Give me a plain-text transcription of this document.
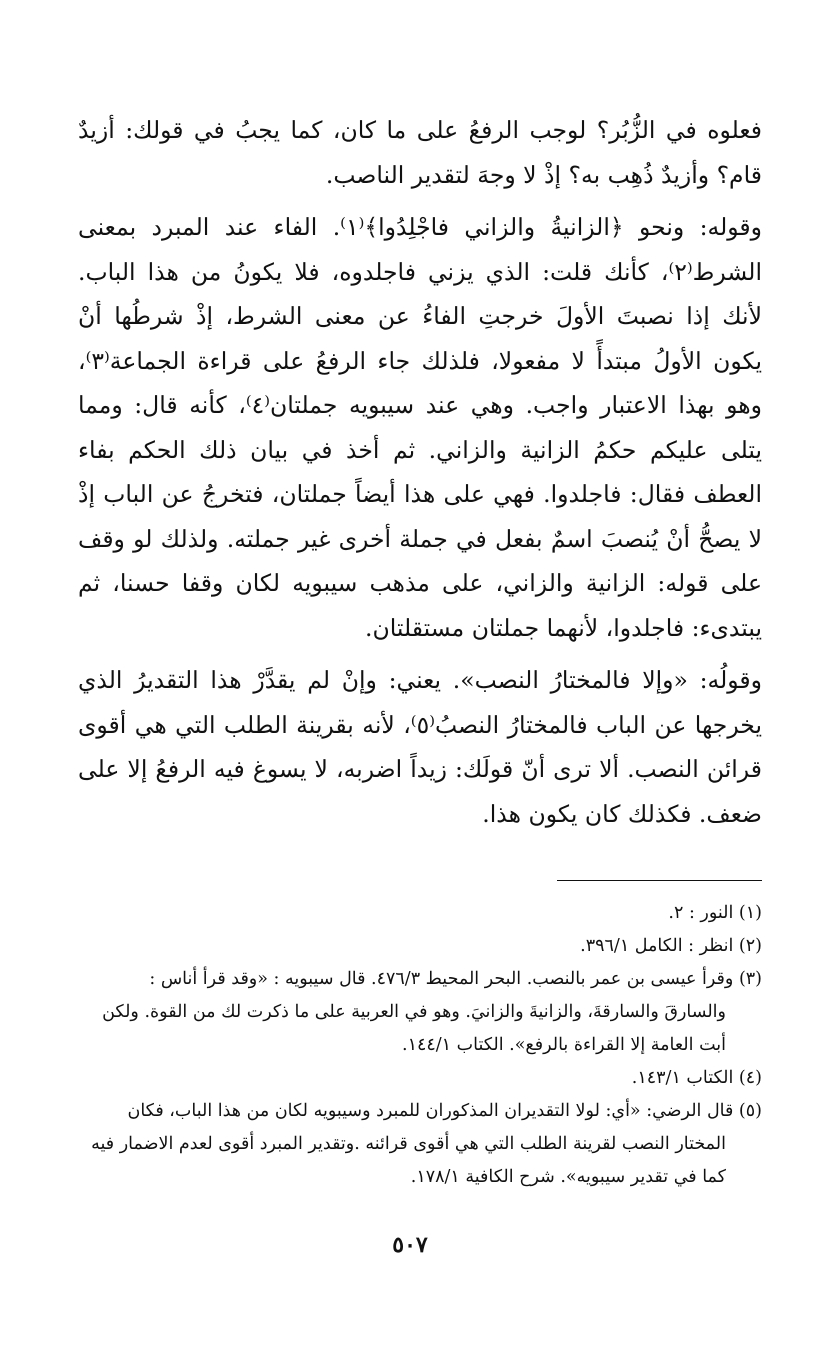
فعلوه في الزُّبُر؟ لوجب الرفعُ على ما كان، كما يجبُ في قولك: أزيدٌ قام؟ وأزيدٌ ذُهِب به؟ إذْ لا وجهَ لتقدير الناصب.

وقوله: ونحو ﴿الزانيةُ والزاني فاجْلِدُوا﴾⁽١⁾. الفاء عند المبرد بمعنى الشرط⁽٢⁾، كأنك قلت: الذي يزني فاجلدوه، فلا يكونُ من هذا الباب. لأنك إذا نصبتَ الأولَ خرجتِ الفاءُ عن معنى الشرط، إذْ شرطُها أنْ يكون الأولُ مبتدأً لا مفعولا، فلذلك جاء الرفعُ على قراءة الجماعة⁽٣⁾، وهو بهذا الاعتبار واجب. وهي عند سيبويه جملتان⁽٤⁾، كأنه قال: ومما يتلى عليكم حكمُ الزانية والزاني. ثم أخذ في بيان ذلك الحكم بفاء العطف فقال: فاجلدوا. فهي على هذا أيضاً جملتان، فتخرجُ عن الباب إذْ لا يصحُّ أنْ يُنصبَ اسمٌ بفعل في جملة أخرى غير جملته. ولذلك لو وقف على قوله: الزانية والزاني، على مذهب سيبويه لكان وقفا حسنا، ثم يبتدىء: فاجلدوا، لأنهما جملتان مستقلتان.

وقولُه: «وإلا فالمختارُ النصب». يعني: وإنْ لم يقدَّرْ هذا التقديرُ الذي يخرجها عن الباب فالمختارُ النصبُ⁽٥⁾، لأنه بقرينة الطلب التي هي أقوى قرائن النصب. ألا ترى أنّ قولَك: زيداً اضربه، لا يسوغ فيه الرفعُ إلا على ضعف. فكذلك كان يكون هذا.

(١) النور : ٢.

(٢) انظر : الكامل ٣٩٦/١.

(٣) وقرأ عيسى بن عمر بالنصب. البحر المحيط ٤٧٦/٣. قال سيبويه : «وقد قرأ أناس :
والسارقَ والسارقةَ، والزانيةَ والزانيَ. وهو في العربية على ما ذكرت لك من القوة. ولكن
أبت العامة إلا القراءة بالرفع». الكتاب ١٤٤/١.

(٤) الكتاب ١٤٣/١.

(٥) قال الرضي: «أي: لولا التقديران المذكوران للمبرد وسيبويه لكان من هذا الباب، فكان
المختار النصب لقرينة الطلب التي هي أقوى قرائنه .وتقدير المبرد أقوى لعدم الاضمار فيه
كما في تقدير سيبويه». شرح الكافية ١٧٨/١.

٥٠٧
